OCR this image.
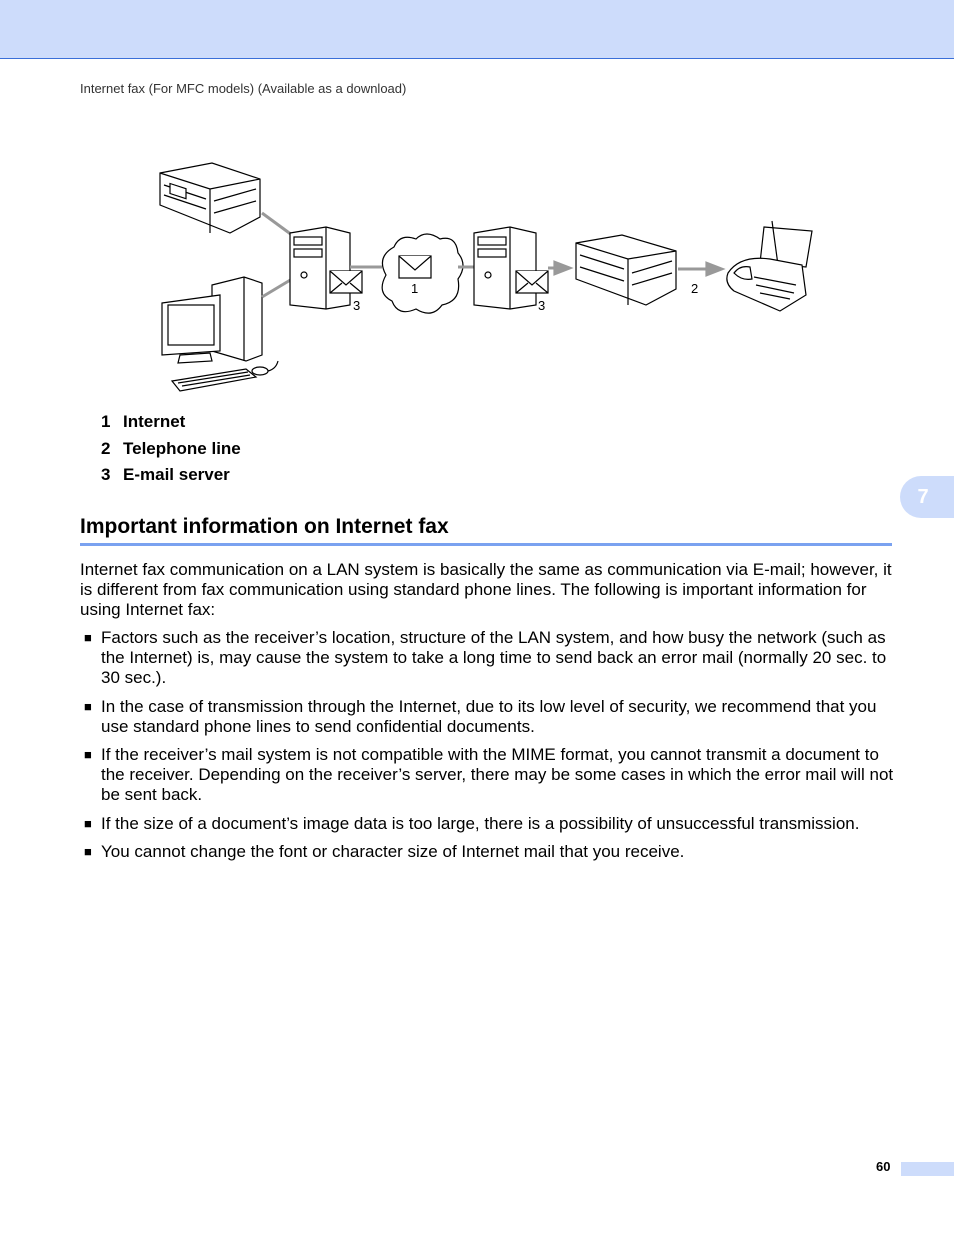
Internet fax (For MFC models) (Available as a download)
3
1
3
2
1 Internet
2 Telephone line
3 E-mail server
Important information on Internet fax
Internet fax communication on a LAN system is basically the same as communication via E-mail; however, it is different from fax communication using standard phone lines. The following is important information for using Internet fax:
■ Factors such as the receiver’s location, structure of the LAN system, and how busy the network (such as the Internet) is, may cause the system to take a long time to send back an error mail (normally 20 sec. to 30 sec.).
■ In the case of transmission through the Internet, due to its low level of security, we recommend that you use standard phone lines to send confidential documents.
■ If the receiver’s mail system is not compatible with the MIME format, you cannot transmit a document to the receiver. Depending on the receiver’s server, there may be some cases in which the error mail will not be sent back.
■ If the size of a document’s image data is too large, there is a possibility of unsuccessful transmission.
■ You cannot change the font or character size of Internet mail that you receive.
7
60
